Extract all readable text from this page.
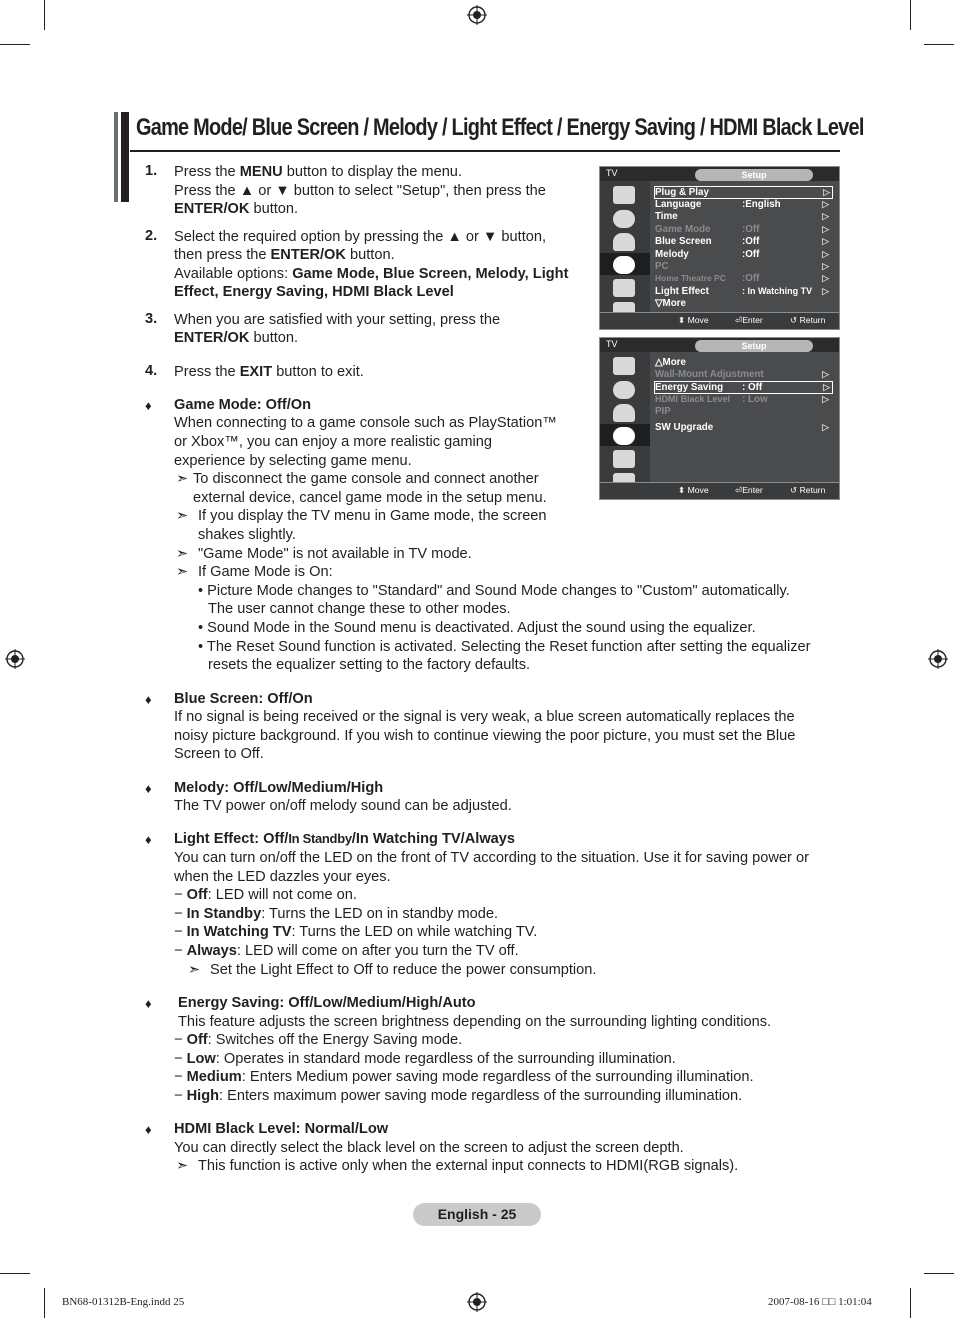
Game Mode/ Blue Screen / Melody / Light Effect / Energy Saving / HDMI Black Level
1. Press the MENU button to display the menu.
Press the ▲ or ▼ button to select "Setup", then press the
ENTER/OK button.
2. Select the required option by pressing the ▲ or ▼ button,
then press the ENTER/OK button.
Available options: Game Mode, Blue Screen, Melody, Light
Effect, Energy Saving, HDMI Black Level
3. When you are satisfied with your setting, press the
ENTER/OK button.
4. Press the EXIT button to exit.
♦ Game Mode: Off/On
When connecting to a game console such as PlayStation™
or Xbox™, you can enjoy a more realistic gaming
experience by selecting game menu.
➣ To disconnect the game console and connect another
external device, cancel game mode in the setup menu.
➣ If you display the TV menu in Game mode, the screen
shakes slightly.
➣ "Game Mode" is not available in TV mode.
➣ If Game Mode is On:
• Picture Mode changes to "Standard" and Sound Mode changes to "Custom" automatically.
The user cannot change these to other modes.
• Sound Mode in the Sound menu is deactivated. Adjust the sound using the equalizer.
• The Reset Sound function is activated. Selecting the Reset function after setting the equalizer
resets the equalizer setting to the factory defaults.
♦ Blue Screen: Off/On
If no signal is being received or the signal is very weak, a blue screen automatically replaces the
noisy picture background. If you wish to continue viewing the poor picture, you must set the Blue
Screen to Off.
♦ Melody: Off/Low/Medium/High
The TV power on/off melody sound can be adjusted.
♦ Light Effect: Off/In Standby/In Watching TV/Always
You can turn on/off the LED on the front of TV according to the situation. Use it for saving power or
when the LED dazzles your eyes.
− Off: LED will not come on.
− In Standby: Turns the LED on in standby mode.
− In Watching TV: Turns the LED on while watching TV.
− Always: LED will come on after you turn the TV off.
➣ Set the Light Effect to Off to reduce the power consumption.
♦ Energy Saving: Off/Low/Medium/High/Auto
This feature adjusts the screen brightness depending on the surrounding lighting conditions.
− Off: Switches off the Energy Saving mode.
− Low: Operates in standard mode regardless of the surrounding illumination.
− Medium: Enters Medium power saving mode regardless of the surrounding illumination.
− High: Enters maximum power saving mode regardless of the surrounding illumination.
♦ HDMI Black Level: Normal/Low
You can directly select the black level on the screen to adjust the screen depth.
➣ This function is active only when the external input connects to HDMI(RGB signals).
TV	Setup
Plug & Play	▷
Language	:English	▷
Time	▷
Game Mode	:Off	▷
Blue Screen	:Off	▷
Melody	:Off	▷
PC	▷
Home Theatre PC :Off	▷
Light Effect	: In Watching TV ▷
▽More
⬍ Move	⏎Enter	↺ Return
TV	Setup
△More
Wall-Mount Adjustment	▷
Energy Saving : Off	▷
HDMI Black Level : Low	▷
PIP
SW Upgrade	▷
⬍ Move	⏎Enter	↺ Return
English - 25
BN68-01312B-Eng.indd 25	2007-08-16 □□ 1:01:04
